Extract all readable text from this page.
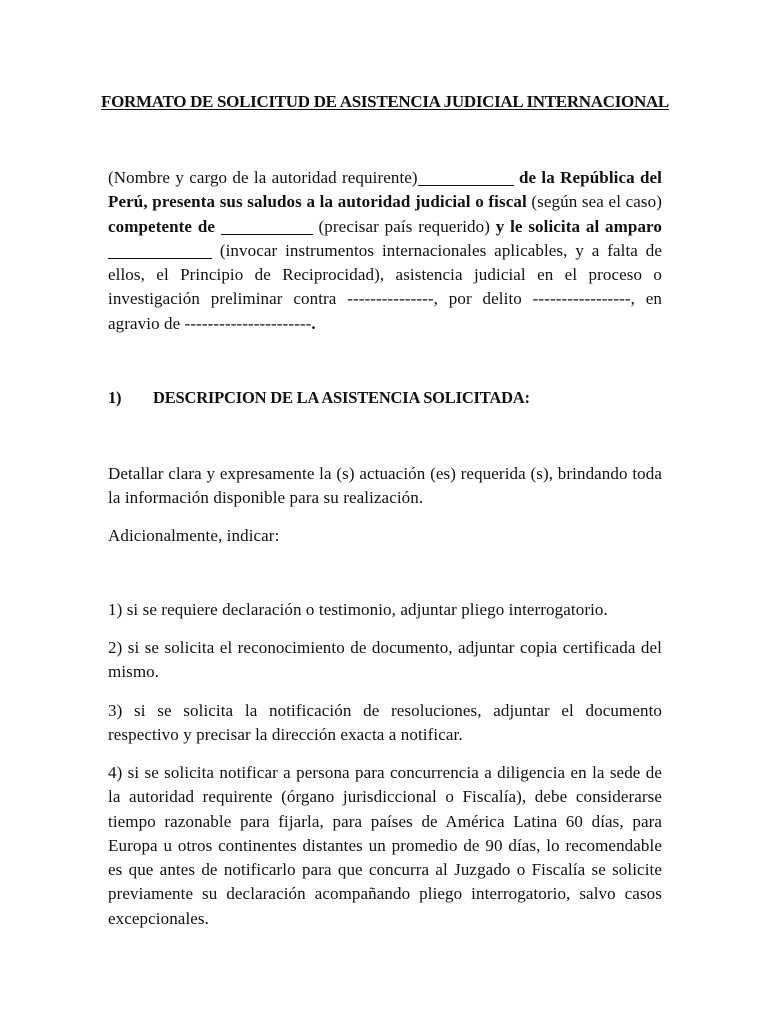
FORMATO DE SOLICITUD DE ASISTENCIA JUDICIAL INTERNACIONAL
(Nombre y cargo de la autoridad requirente)	de la República del Perú, presenta sus saludos a la autoridad judicial o fiscal (según sea el caso) competente de	(precisar país requerido) y le solicita al amparo (invocar instrumentos internacionales aplicables, y a falta de ellos, el Principio de Reciprocidad), asistencia judicial en el proceso o investigación preliminar contra ---------------, por delito -----------------, en agravio de ----------------------.
1) DESCRIPCION DE LA ASISTENCIA SOLICITADA:
Detallar clara y expresamente la (s) actuación (es) requerida (s), brindando toda la información disponible para su realización.
Adicionalmente, indicar:
1) si se requiere declaración o testimonio, adjuntar pliego interrogatorio.
2) si se solicita el reconocimiento de documento, adjuntar copia certificada del mismo.
3) si se solicita la notificación de resoluciones, adjuntar el documento respectivo y precisar la dirección exacta a notificar.
4) si se solicita notificar a persona para concurrencia a diligencia en la sede de la autoridad requirente (órgano jurisdiccional o Fiscalía), debe considerarse tiempo razonable para fijarla, para países de América Latina 60 días, para Europa u otros continentes distantes un promedio de 90 días, lo recomendable es que antes de notificarlo para que concurra al Juzgado o Fiscalía se solicite previamente su declaración acompañando pliego interrogatorio, salvo casos excepcionales.
